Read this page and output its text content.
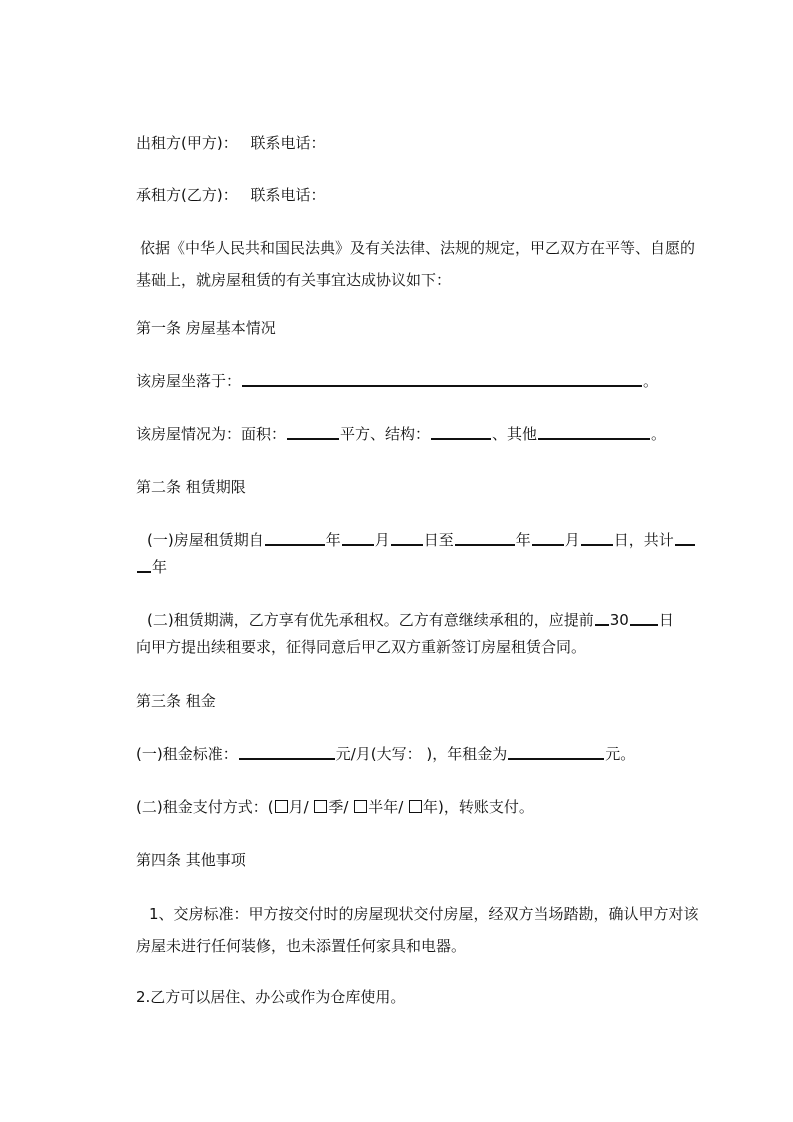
出租方(甲方)： 联系电话：
承租方(乙方)： 联系电话：
依据《中华人民共和国民法典》及有关法律、法规的规定，甲乙双方在平等、自愿的基础上，就房屋租赁的有关事宜达成协议如下：
第一条 房屋基本情况
该房屋坐落于：	。
该房屋情况为：面积：	平方、结构：	、其他	。
第二条 租赁期限
(一)房屋租赁期自	年 月 日至	年 月 日，共计
年
(二)租赁期满，乙方享有优先承租权。乙方有意继续承租的，应提前 30 日
向甲方提出续租要求，征得同意后甲乙双方重新签订房屋租赁合同。
第三条 租金
(一)租金标准：	元/月(大写： )，年租金为	元。
(二)租金支付方式：( 月/ 季/ 半年/ 年)，转账支付。
第四条 其他事项
1、交房标准：甲方按交付时的房屋现状交付房屋，经双方当场踏勘，确认甲方对该房屋未进行任何装修，也未添置任何家具和电器。
2.乙方可以居住、办公或作为仓库使用。
